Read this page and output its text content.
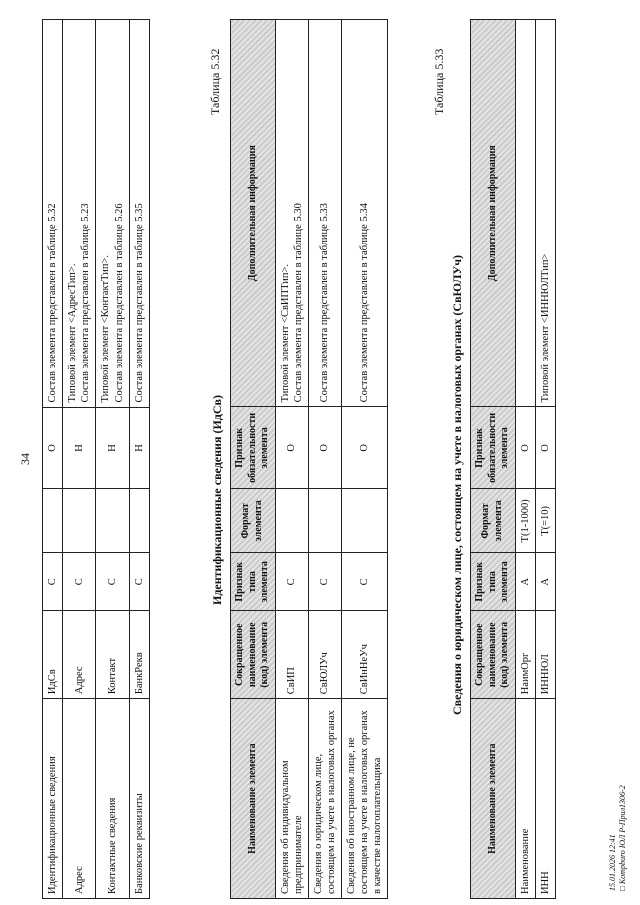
34
Идентификационные сведения	ИдСв	С		О	Состав элемента представлен в таблице 5.32
Адрес	Адрес	С		Н	Типовой элемент <АдресТип>.
Состав элемента представлен в таблице 5.23
Контактные сведения	Контакт	С		Н	Типовой элемент <КонтактТип>.
Состав элемента представлен в таблице 5.26
Банковские реквизиты	БанкРекв	С		Н	Состав элемента представлен в таблице 5.35
Таблица 5.32
Идентификационные сведения (ИдСв)
Наименование элемента	Сокращенное наименование (код) элемента	Признак типа элемента	Формат элемента	Признак обязательности элемента	Дополнительная информация
Сведения об индивидуальном предпринимателе	СвИП	С		О	Типовой элемент <СвИПТип>.
Состав элемента представлен в таблице 5.30
Сведения о юридическом лице, состоящем на учете в налоговых органах	СвЮЛУч	С		О	Состав элемента представлен в таблице 5.33
Сведения об иностранном лице, не состоящем на учете в налоговых органах в качестве налогоплательщика	СвИнНеУч	С		О	Состав элемента представлен в таблице 5.34
Таблица 5.33
Сведения о юридическом лице, состоящем на учете в налоговых органах (СвЮЛУч)
Наименование элемента	Сокращенное наименование (код) элемента	Признак типа элемента	Формат элемента	Признак обязательности элемента	Дополнительная информация
Наименование	НаимОрг	А	T(1-1000)	О	
ИНН	ИННЮЛ	А	T(=10)	О	Типовой элемент <ИННЮЛТип>
15.01.2026 12:41 □ Kompburo ЮЛ Р-Прил1306-2
